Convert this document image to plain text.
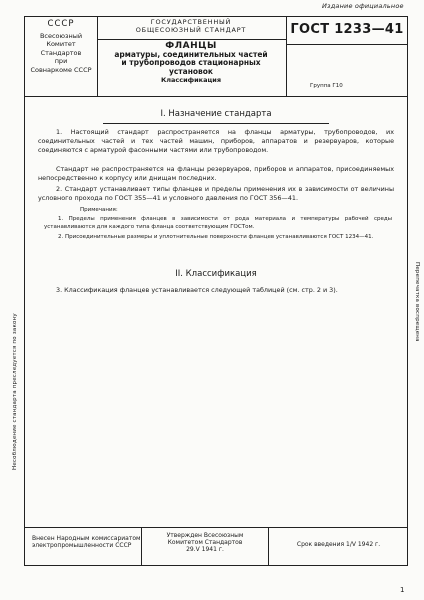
Издание официальное
СССР
Всесоюзный Комитет
Стандартов
при
Совнаркоме СССР
ГОСУДАРСТВЕННЫЙ
ОБЩЕСОЮЗНЫЙ СТАНДАРТ
ФЛАНЦЫ
арматуры, соединительных частей
и трубопроводов стационарных
установок
Классификация
ГОСТ 1233—41
Группа Г10
I. Назначение стандарта
1. Настоящий стандарт распространяется на фланцы арматуры, трубопроводов, их соединительных частей и тех частей машин, приборов, аппаратов и резервуаров, которые соединяются с арматурой фасонными частями или трубопроводом.
Стандарт не распространяется на фланцы резервуаров, приборов и аппаратов, присоединяемых непосредственно к корпусу или днищам последних.
2. Стандарт устанавливает типы фланцев и пределы применения их в зависимости от величины условного прохода по ГОСТ 355—41 и условного давления по ГОСТ 356—41.
Примечания:
1. Пределы применения фланцев в зависимости от рода материала и температуры рабочей среды устанавливаются для каждого типа фланца соответствующим ГОСТом.
2. Присоединительные размеры и уплотнительные поверхности фланцев устанавливаются ГОСТ 1234—41.
II. Классификация
3. Классификация фланцев устанавливается следующей таблицей (см. стр. 2 и 3).
Несоблюдение стандарта преследуется по закону
Перепечатка воспрещена
Внесен Народным комиссариатом
электропромышленности СССР
Утвержден Всесоюзным
Комитетом Стандартов
29.V 1941 г.
Срок введения 1/V 1942 г.
1
